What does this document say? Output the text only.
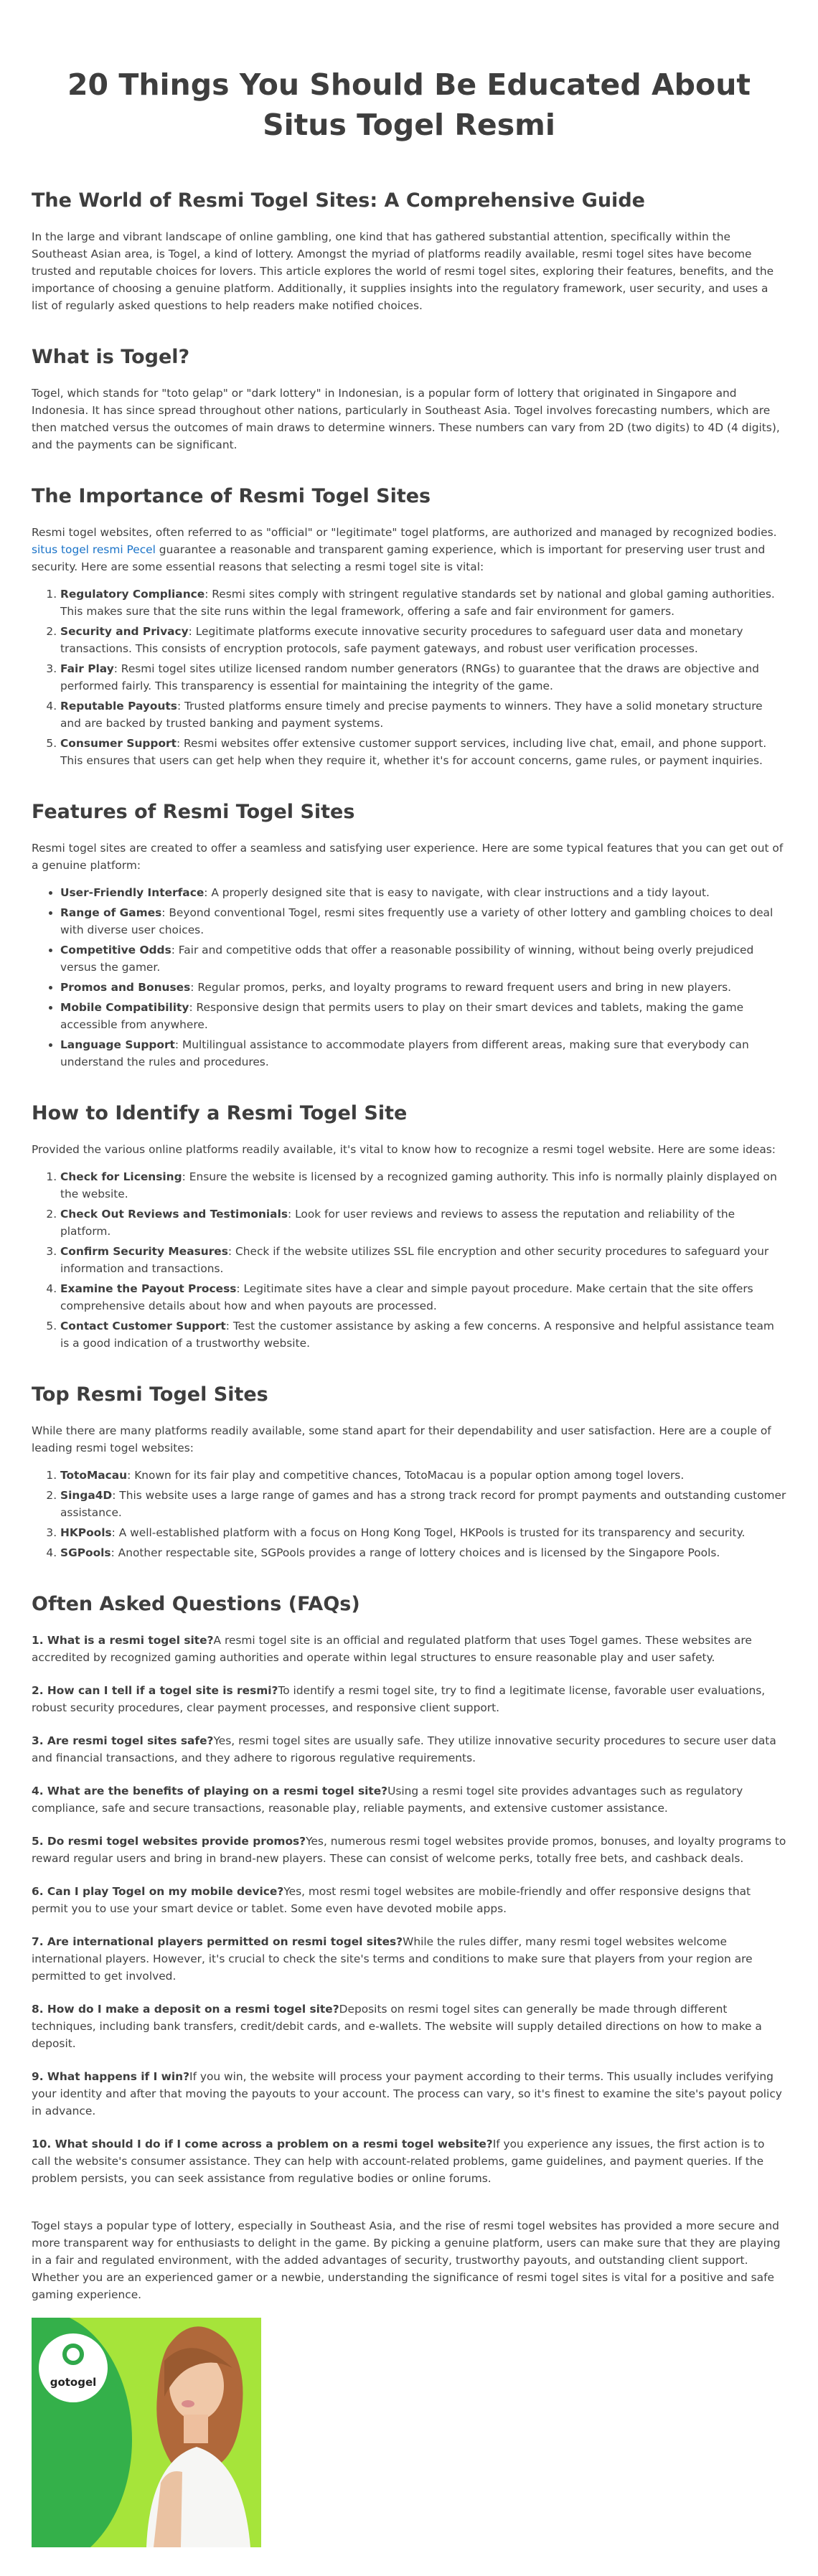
20 Things You Should Be Educated About Situs Togel Resmi
The World of Resmi Togel Sites: A Comprehensive Guide

In the large and vibrant landscape of online gambling, one kind that has gathered substantial attention, specifically within the Southeast Asian area, is Togel, a kind of lottery. Amongst the myriad of platforms readily available, resmi togel sites have become trusted and reputable choices for lovers. This article explores the world of resmi togel sites, exploring their features, benefits, and the importance of choosing a genuine platform. Additionally, it supplies insights into the regulatory framework, user security, and uses a list of regularly asked questions to help readers make notified choices.

What is Togel?

Togel, which stands for "toto gelap" or "dark lottery" in Indonesian, is a popular form of lottery that originated in Singapore and Indonesia. It has since spread throughout other nations, particularly in Southeast Asia. Togel involves forecasting numbers, which are then matched versus the outcomes of main draws to determine winners. These numbers can vary from 2D (two digits) to 4D (4 digits), and the payments can be significant.

The Importance of Resmi Togel Sites

Resmi togel websites, often referred to as "official" or "legitimate" togel platforms, are authorized and managed by recognized bodies. situs togel resmi Pecel guarantee a reasonable and transparent gaming experience, which is important for preserving user trust and security. Here are some essential reasons that selecting a resmi togel site is vital:

1. Regulatory Compliance: Resmi sites comply with stringent regulative standards set by national and global gaming authorities. This makes sure that the site runs within the legal framework, offering a safe and fair environment for gamers.
2. Security and Privacy: Legitimate platforms execute innovative security procedures to safeguard user data and monetary transactions. This consists of encryption protocols, safe payment gateways, and robust user verification processes.
3. Fair Play: Resmi togel sites utilize licensed random number generators (RNGs) to guarantee that the draws are objective and performed fairly. This transparency is essential for maintaining the integrity of the game.
4. Reputable Payouts: Trusted platforms ensure timely and precise payments to winners. They have a solid monetary structure and are backed by trusted banking and payment systems.
5. Consumer Support: Resmi websites offer extensive customer support services, including live chat, email, and phone support. This ensures that users can get help when they require it, whether it's for account concerns, game rules, or payment inquiries.
Features of Resmi Togel Sites

Resmi togel sites are created to offer a seamless and satisfying user experience. Here are some typical features that you can get out of a genuine platform:

• User-Friendly Interface: A properly designed site that is easy to navigate, with clear instructions and a tidy layout.
• Range of Games: Beyond conventional Togel, resmi sites frequently use a variety of other lottery and gambling choices to deal with diverse user choices.
• Competitive Odds: Fair and competitive odds that offer a reasonable possibility of winning, without being overly prejudiced versus the gamer.
• Promos and Bonuses: Regular promos, perks, and loyalty programs to reward frequent users and bring in new players.
• Mobile Compatibility: Responsive design that permits users to play on their smart devices and tablets, making the game accessible from anywhere.
• Language Support: Multilingual assistance to accommodate players from different areas, making sure that everybody can understand the rules and procedures.
How to Identify a Resmi Togel Site

Provided the various online platforms readily available, it's vital to know how to recognize a resmi togel website. Here are some ideas:

1. Check for Licensing: Ensure the website is licensed by a recognized gaming authority. This info is normally plainly displayed on the website.
2. Check Out Reviews and Testimonials: Look for user reviews and reviews to assess the reputation and reliability of the platform.
3. Confirm Security Measures: Check if the website utilizes SSL file encryption and other security procedures to safeguard your information and transactions.
4. Examine the Payout Process: Legitimate sites have a clear and simple payout procedure. Make certain that the site offers comprehensive details about how and when payouts are processed.
5. Contact Customer Support: Test the customer assistance by asking a few concerns. A responsive and helpful assistance team is a good indication of a trustworthy website.
Top Resmi Togel Sites

While there are many platforms readily available, some stand apart for their dependability and user satisfaction. Here are a couple of leading resmi togel websites:

1. TotoMacau: Known for its fair play and competitive chances, TotoMacau is a popular option among togel lovers.
2. Singa4D: This website uses a large range of games and has a strong track record for prompt payments and outstanding customer assistance.
3. HKPools: A well-established platform with a focus on Hong Kong Togel, HKPools is trusted for its transparency and security.
4. SGPools: Another respectable site, SGPools provides a range of lottery choices and is licensed by the Singapore Pools.
Often Asked Questions (FAQs)

1. What is a resmi togel site?A resmi togel site is an official and regulated platform that uses Togel games. These websites are accredited by recognized gaming authorities and operate within legal structures to ensure reasonable play and user safety.

2. How can I tell if a togel site is resmi?To identify a resmi togel site, try to find a legitimate license, favorable user evaluations, robust security procedures, clear payment processes, and responsive client support.

3. Are resmi togel sites safe?Yes, resmi togel sites are usually safe. They utilize innovative security procedures to secure user data and financial transactions, and they adhere to rigorous regulative requirements.

4. What are the benefits of playing on a resmi togel site?Using a resmi togel site provides advantages such as regulatory compliance, safe and secure transactions, reasonable play, reliable payments, and extensive customer assistance.

5. Do resmi togel websites provide promos?Yes, numerous resmi togel websites provide promos, bonuses, and loyalty programs to reward regular users and bring in brand-new players. These can consist of welcome perks, totally free bets, and cashback deals.

6. Can I play Togel on my mobile device?Yes, most resmi togel websites are mobile-friendly and offer responsive designs that permit you to use your smart device or tablet. Some even have devoted mobile apps.

7. Are international players permitted on resmi togel sites?While the rules differ, many resmi togel websites welcome international players. However, it's crucial to check the site's terms and conditions to make sure that players from your region are permitted to get involved.

8. How do I make a deposit on a resmi togel site?Deposits on resmi togel sites can generally be made through different techniques, including bank transfers, credit/debit cards, and e-wallets. The website will supply detailed directions on how to make a deposit.

9. What happens if I win?If you win, the website will process your payment according to their terms. This usually includes verifying your identity and after that moving the payouts to your account. The process can vary, so it's finest to examine the site's payout policy in advance.

10. What should I do if I come across a problem on a resmi togel website?If you experience any issues, the first action is to call the website's consumer assistance. They can help with account-related problems, game guidelines, and payment queries. If the problem persists, you can seek assistance from regulative bodies or online forums.

Togel stays a popular type of lottery, especially in Southeast Asia, and the rise of resmi togel websites has provided a more secure and more transparent way for enthusiasts to delight in the game. By picking a genuine platform, users can make sure that they are playing in a fair and regulated environment, with the added advantages of security, trustworthy payouts, and outstanding client support. Whether you are an experienced gamer or a newbie, understanding the significance of resmi togel sites is vital for a positive and safe gaming experience.

gotogel
